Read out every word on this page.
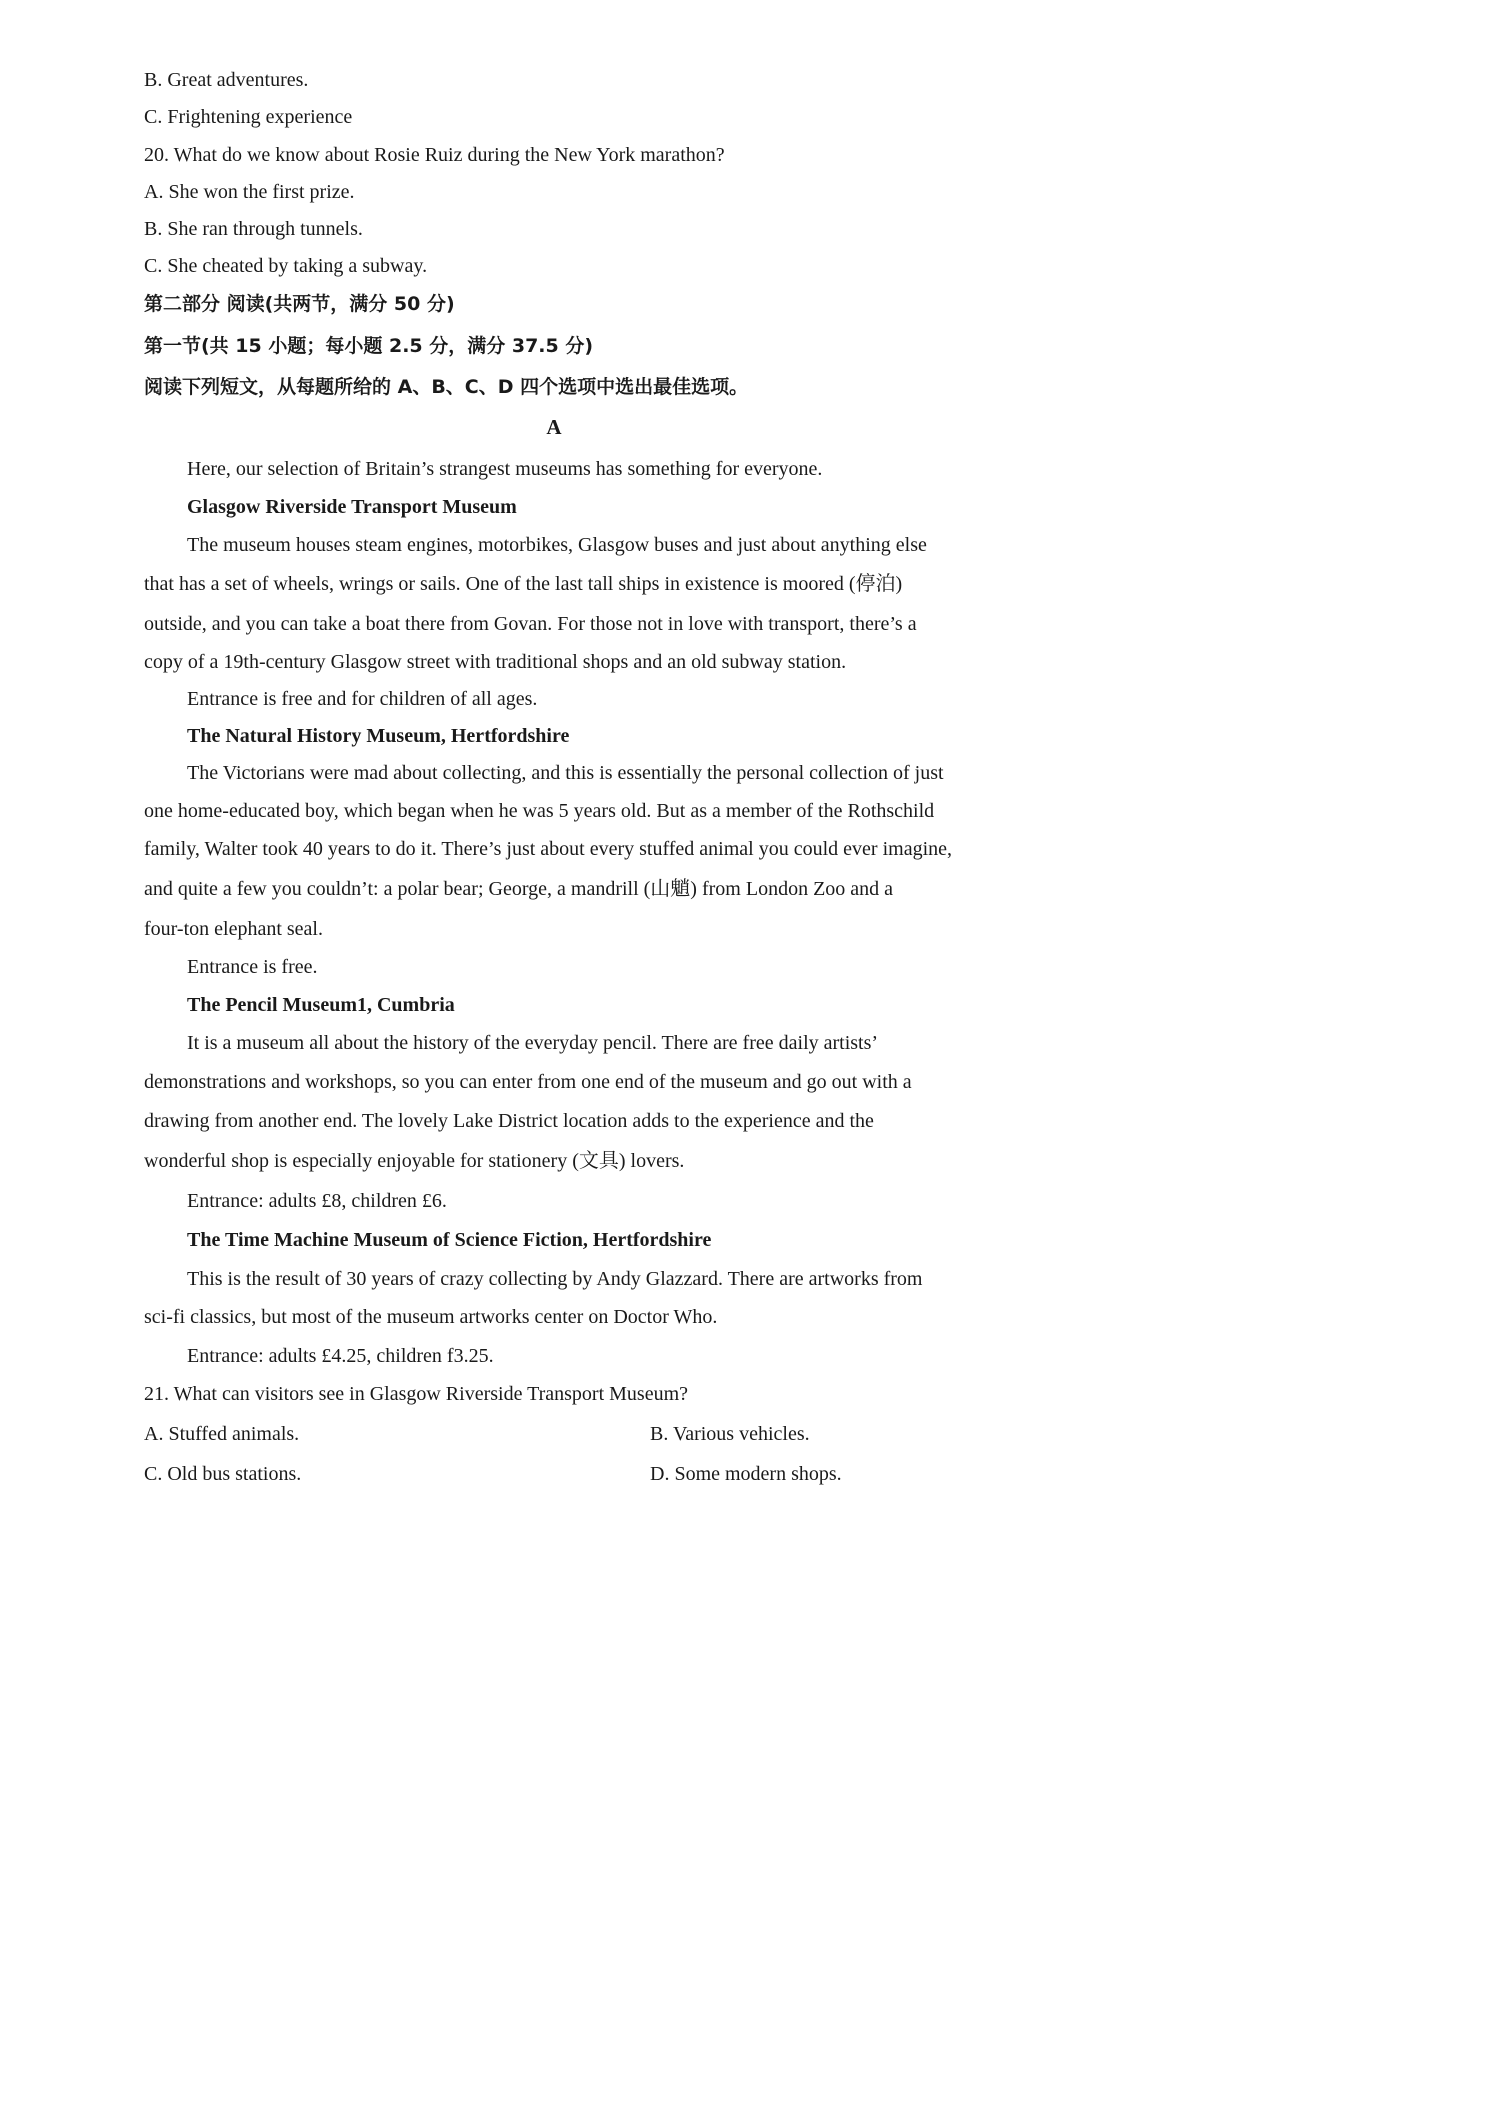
B. Great adventures.
C. Frightening experience
20. What do we know about Rosie Ruiz during the New York marathon?
A. She won the first prize.
B. She ran through tunnels.
C. She cheated by taking a subway.
第二部分 阅读(共两节，满分 50 分)
第一节(共 15 小题；每小题 2.5 分，满分 37.5 分)
阅读下列短文，从每题所给的 A、B、C、D 四个选项中选出最佳选项。
A
Here, our selection of Britain’s strangest museums has something for everyone.
Glasgow Riverside Transport Museum
The museum houses steam engines, motorbikes, Glasgow buses and just about anything else
that has a set of wheels, wrings or sails. One of the last tall ships in existence is moored (停泊)
outside, and you can take a boat there from Govan. For those not in love with transport, there’s a
copy of a 19th-century Glasgow street with traditional shops and an old subway station.
Entrance is free and for children of all ages.
The Natural History Museum, Hertfordshire
The Victorians were mad about collecting, and this is essentially the personal collection of just
one home-educated boy, which began when he was 5 years old. But as a member of the Rothschild
family, Walter took 40 years to do it. There’s just about every stuffed animal you could ever imagine,
and quite a few you couldn’t: a polar bear; George, a mandrill (山魈) from London Zoo and a
four-ton elephant seal.
Entrance is free.
The Pencil Museum1, Cumbria
It is a museum all about the history of the everyday pencil. There are free daily artists’
demonstrations and workshops, so you can enter from one end of the museum and go out with a
drawing from another end. The lovely Lake District location adds to the experience and the
wonderful shop is especially enjoyable for stationery (文具) lovers.
Entrance: adults £8, children £6.
The Time Machine Museum of Science Fiction, Hertfordshire
This is the result of 30 years of crazy collecting by Andy Glazzard. There are artworks from
sci-fi classics, but most of the museum artworks center on Doctor Who.
Entrance: adults £4.25, children f3.25.
21. What can visitors see in Glasgow Riverside Transport Museum?
A. Stuffed animals.	B. Various vehicles.
C. Old bus stations.	D. Some modern shops.
